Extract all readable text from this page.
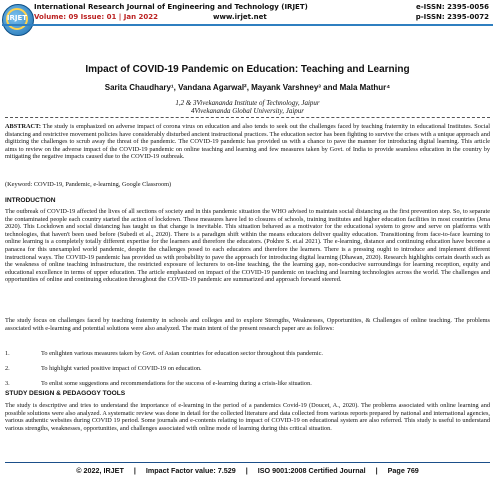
IRJET
International Research Journal of Engineering and Technology (IRJET)
Volume: 09 Issue: 01 | Jan 2022	www.irjet.net
e-ISSN: 2395-0056
p-ISSN: 2395-0072
Impact of COVID-19 Pandemic on Education: Teaching and Learning
Sarita Chaudhary¹, Vandana Agarwal², Mayank Varshney³ and Mala Mathur⁴
1,2 & 3Vivekananda Institute of Technology, Jaipur
4Vivekananda Global University, Jaipur

ABSTRACT: The study is emphasized on adverse impact of corona virus on education and also tends to seek out the challenges faced by teaching fraternity in educational Institutes. Social distancing and restrictive movement policies have considerably disturbed ancient instructional practices. The education sector has been fighting to survive the crises with a unique approach and digitizing the challenges to scrub away the threat of the pandemic. The COVID-19 pandemic has provided us with a chance to pave the manner for introducing digital learning. This article aims to review on the adverse impact of the COVID-19 pandemic on online teaching and learning and few measures taken by Govt. of India to provide seamless education in the country by mitigating the negative impacts caused due to the COVID-19 outbreak.

(Keyword: COVID-19, Pandemic, e-learning, Google Classroom)

INTRODUCTION

The outbreak of COVID-19 affected the lives of all sections of society and in this pandemic situation the WHO advised to maintain social distancing as the first prevention step. So, to separate the contaminated people each country started the action of lockdown. These measures have led to closures of schools, training institutes and higher education facilities in most countries (Jena 2020). This Lockdown and social distancing has taught us that change is inevitable. This situation behaved as a motivator for the educational system to grow and serve on platforms with technologies, that haven't been used before (Subedi et al., 2020). There is a paradigm shift within the means educators deliver quality education. Transitioning from face-to-face learning to online learning is a completely totally different expertise for the learners and therefore the educators. (Pokhre S. et.al 2021). The e-learning, distance and continuing education have become a panacea for this unexampled world pandemic, despite the challenges posed to each educators and therefore the learners. There is a pressing ought to introduce and implement different instructional ways. The COVID-19 pandemic has provided us with probability to pave the approach for introducing digital learning (Dhawan, 2020). Research highlights certain dearth such as the weakness of online teaching infrastructure, the restricted exposure of lecturers to on-line teaching, the the learning gap, non-conducive surroundings for learning reception, equity and educational excellence in terms of upper education. The article emphasized on impact of the COVID-19 pandemic on teaching and learning technologies across the world. The challenges and opportunities of online and continuing education throughout the COVID-19 pandemic are summarized and approach forward steered.

The study focus on challenges faced by teaching fraternity in schools and colleges and to explore Strengths, Weaknesses, Opportunities, & Challenges of online teaching. The problems associated with e-learning and potential solutions were also analyzed. The main intent of the present research paper are as follows:

1.	To enlighten various measures taken by Govt. of Asian countries for education sector throughout this pandemic.
2.	To highlight varied positive impact of COVID-19 on education.
3.	To enlist some suggestions and recommendations for the success of e-learning during a crisis-like situation.
STUDY DESIGN & PEDAGOGY TOOLS

The study is descriptive and tries to understand the importance of e-learning in the period of a pandemics Covid-19 (Doucet, A., 2020). The problems associated with online learning and possible solutions were also analyzed. A systematic review was done in detail for the collected literature and data collected from various reports prepared by national and international agencies, various authentic websites during COVID 19 period. Some journals and e-contents relating to impact of COVID-19 on educational system are also referred. This study is useful to understand various strengths, weaknesses, opportunities, and challenges associated with online mode of learning during this critical situation.

© 2022, IRJET | Impact Factor value: 7.529 | ISO 9001:2008 Certified Journal | Page 769
